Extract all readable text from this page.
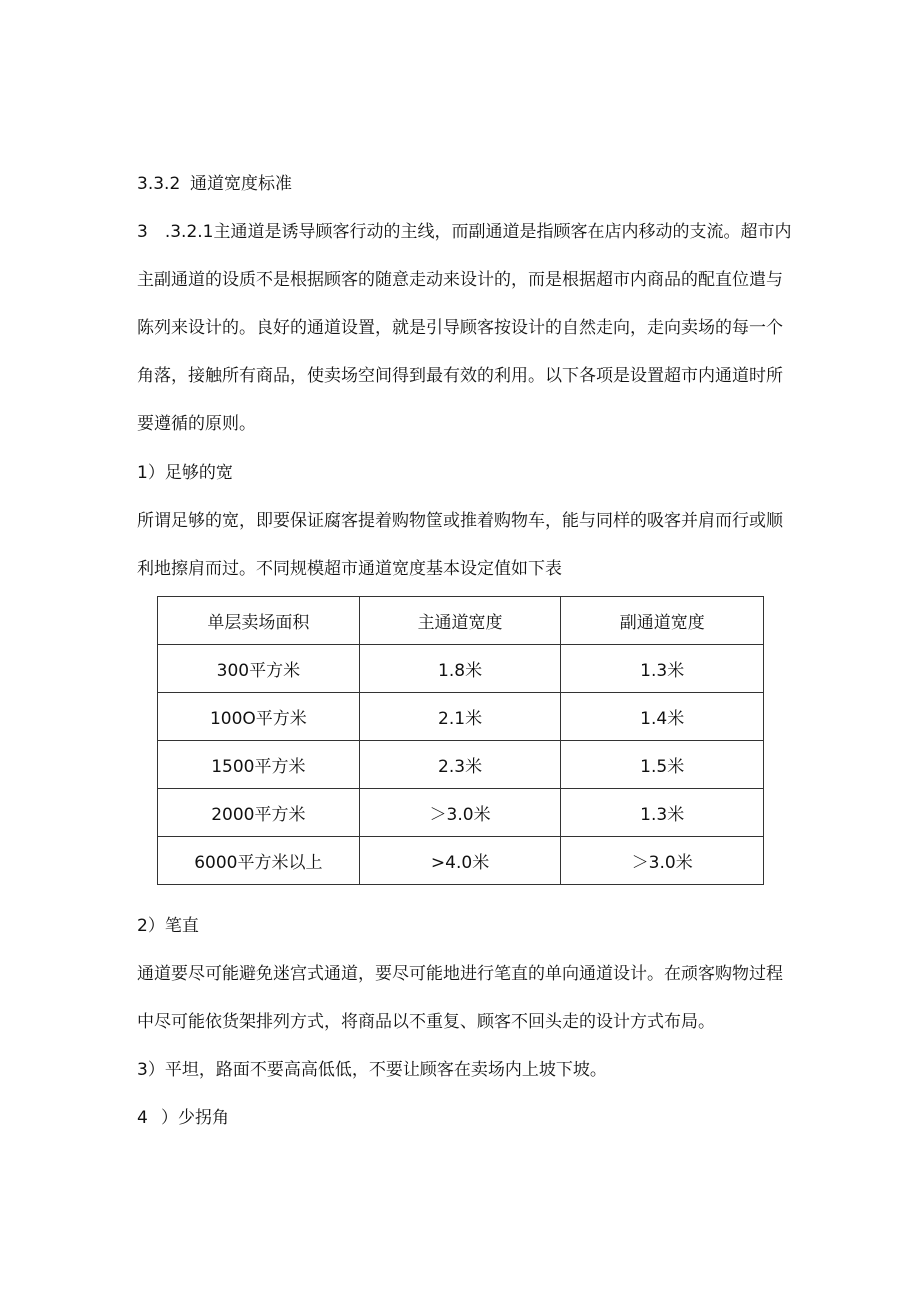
3.3.2 通道宽度标准

3　.3.2.1主通道是诱导顾客行动的主线，而副通道是指顾客在店内移动的支流。超市内

主副通道的设质不是根据顾客的随意走动来设计的，而是根据超市内商品的配直位遣与

陈列来设计的。良好的通道设置，就是引导顾客按设计的自然走向，走向卖场的每一个

角落，接触所有商品，使卖场空间得到最有效的利用。以下各项是设置超市内通道时所

要遵循的原则。

1）足够的宽

所谓足够的宽，即要保证腐客提着购物筐或推着购物车，能与同样的吸客并肩而行或顺

利地擦肩而过。不同规模超市通道宽度基本设定值如下表

单层卖场面积	主通道宽度	副通道宽度
300平方米	1.8米	1.3米
100O平方米	2.1米	1.4米
1500平方米	2.3米	1.5米
2000平方米	＞3.0米	1.3米
6000平方米以上	>4.0米	＞3.0米

2）笔直

通道要尽可能避免迷宫式通道，要尽可能地进行笔直的单向通道设计。在顽客购物过程

中尽可能依货架排列方式，将商品以不重复、顾客不回头走的设计方式布局。

3）平坦，路面不要高高低低，不要让顾客在卖场内上坡下坡。

4 ）少拐角
